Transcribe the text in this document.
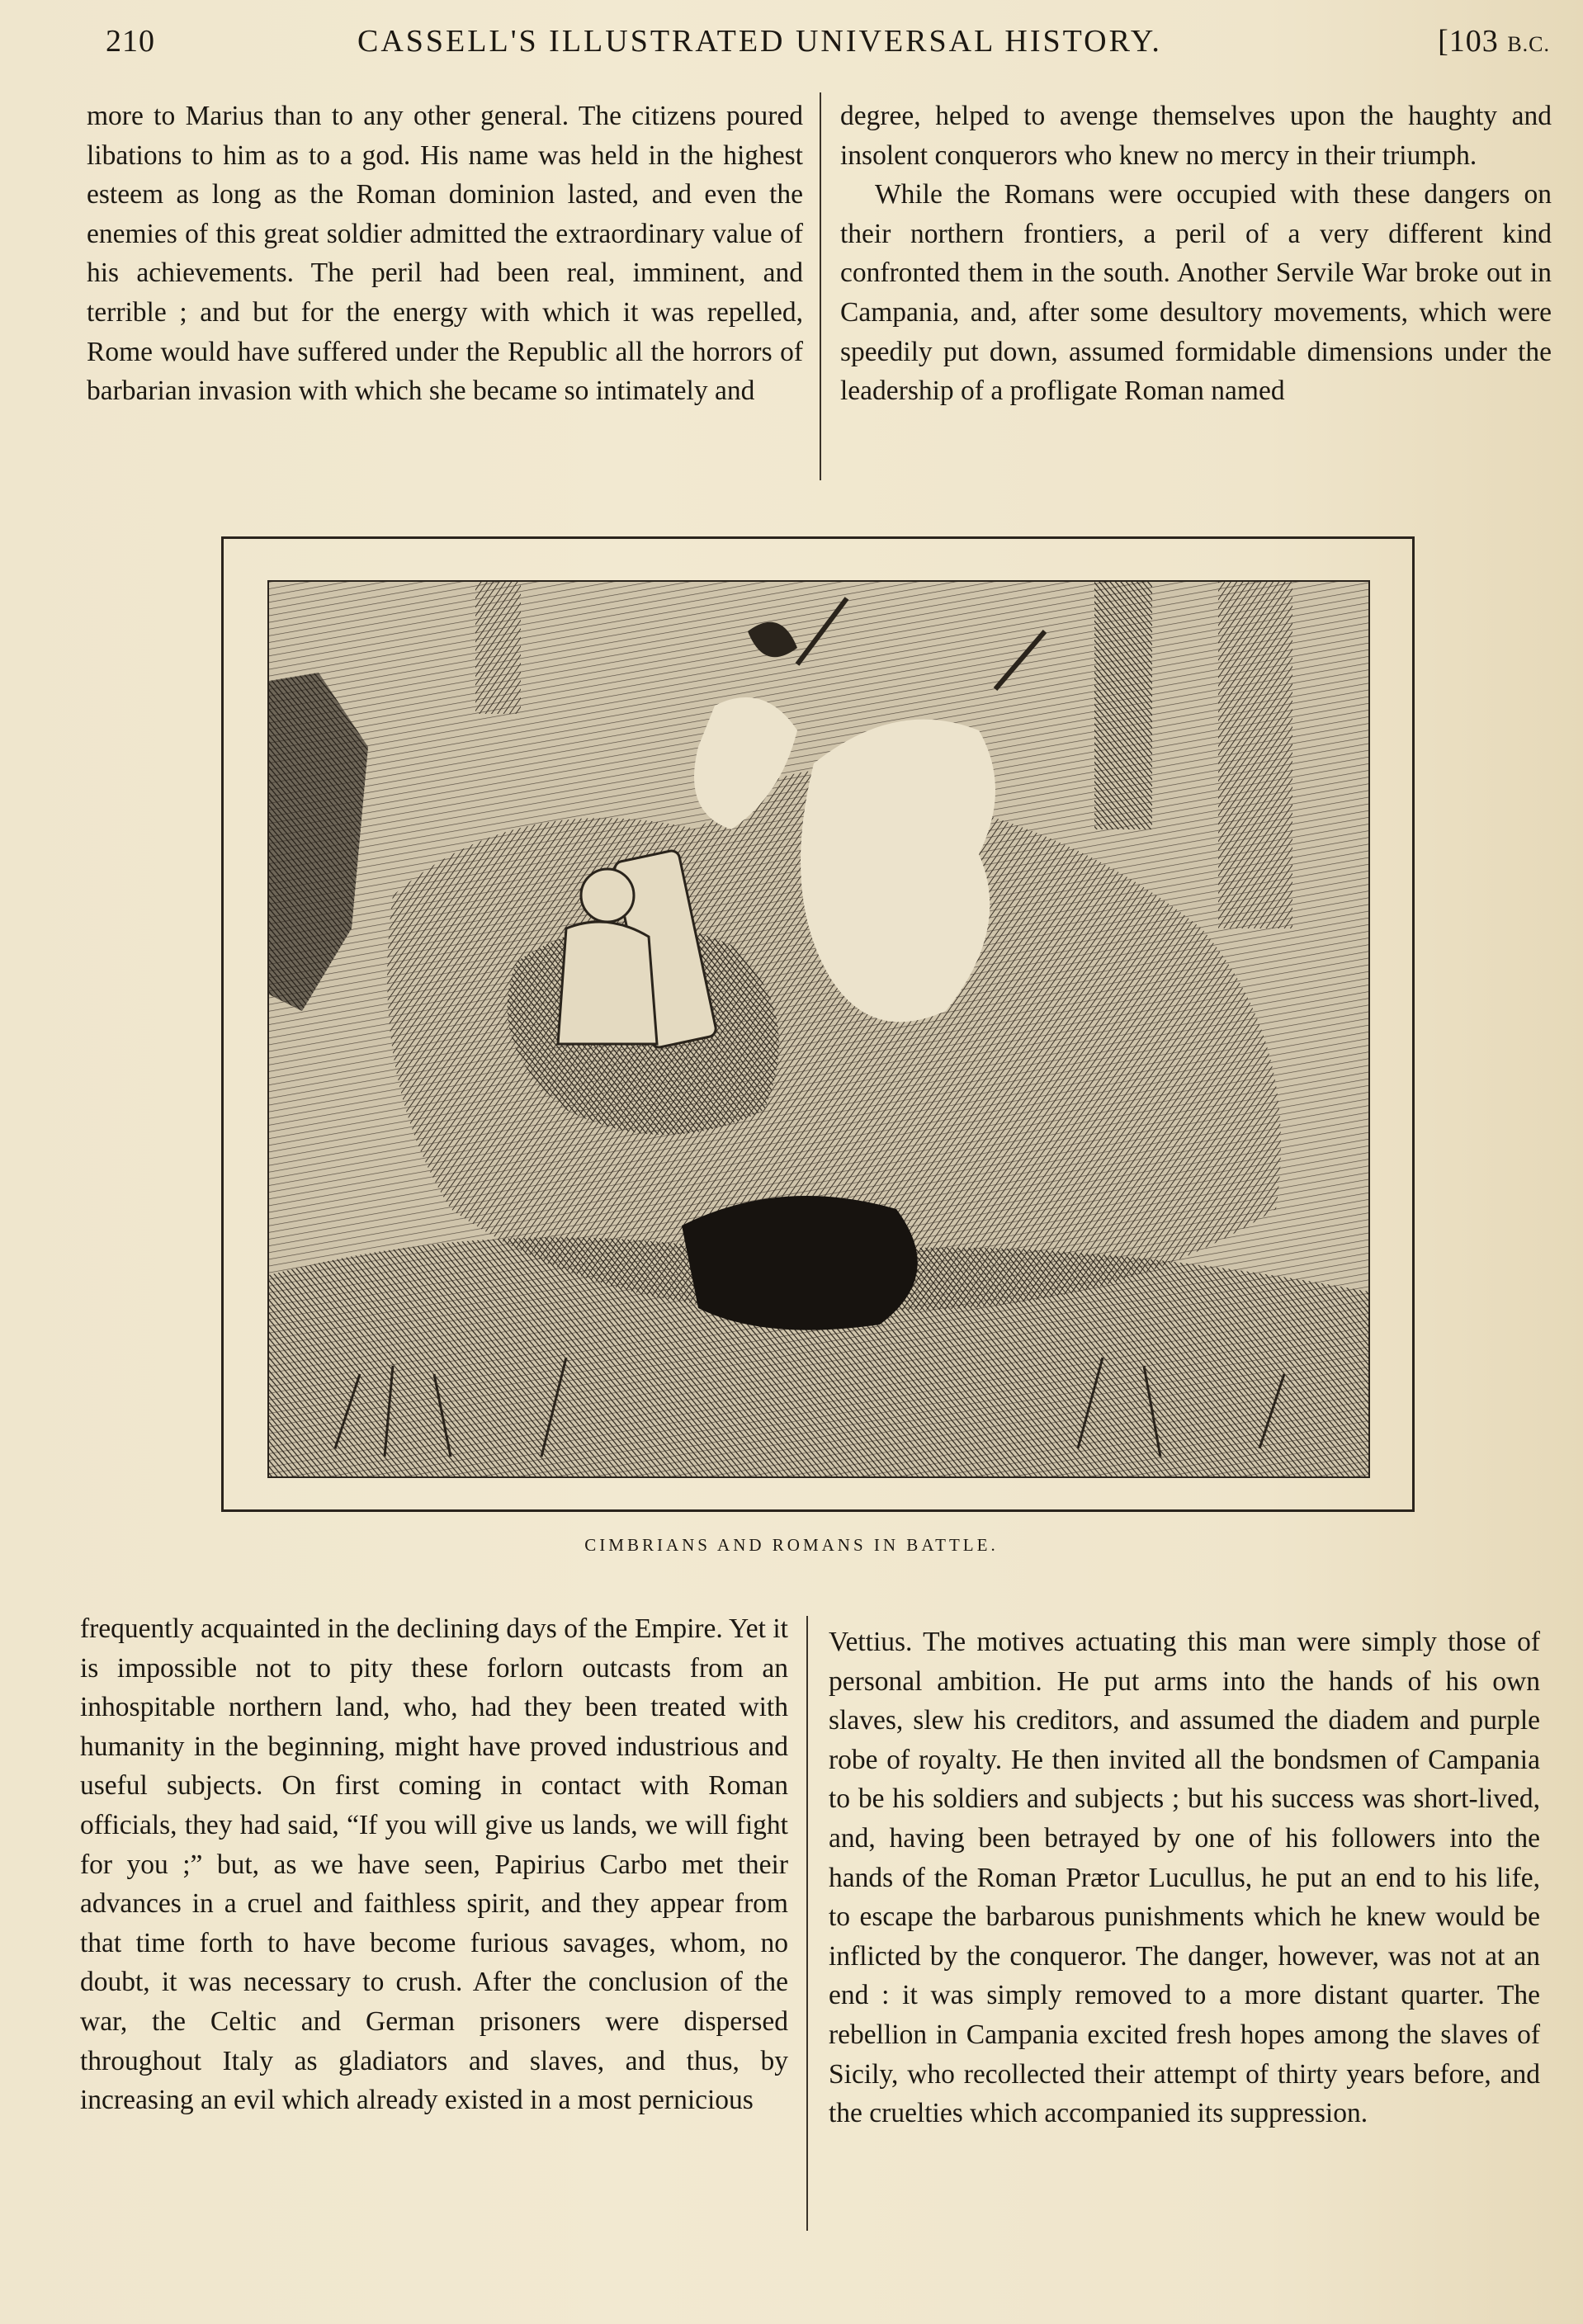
210	CASSELL'S ILLUSTRATED UNIVERSAL HISTORY.	[103 B.C.

more to Marius than to any other general. The citizens poured libations to him as to a god. His name was held in the highest esteem as long as the Roman dominion lasted, and even the enemies of this great soldier admitted the extraordinary value of his achievements. The peril had been real, imminent, and terrible ; and but for the energy with which it was repelled, Rome would have suffered under the Republic all the horrors of barbarian invasion with which she became so intimately and

degree, helped to avenge themselves upon the haughty and insolent conquerors who knew no mercy in their triumph.

While the Romans were occupied with these dangers on their northern frontiers, a peril of a very different kind confronted them in the south. Another Servile War broke out in Campania, and, after some desultory movements, which were speedily put down, assumed formidable dimensions under the leadership of a profligate Roman named

CIMBRIANS AND ROMANS IN BATTLE.

frequently acquainted in the declining days of the Empire. Yet it is impossible not to pity these forlorn outcasts from an inhospitable northern land, who, had they been treated with humanity in the beginning, might have proved industrious and useful subjects. On first coming in contact with Roman officials, they had said, “If you will give us lands, we will fight for you ;” but, as we have seen, Papirius Carbo met their advances in a cruel and faithless spirit, and they appear from that time forth to have become furious savages, whom, no doubt, it was necessary to crush. After the conclusion of the war, the Celtic and German prisoners were dispersed throughout Italy as gladiators and slaves, and thus, by increasing an evil which already existed in a most pernicious

Vettius. The motives actuating this man were simply those of personal ambition. He put arms into the hands of his own slaves, slew his creditors, and assumed the diadem and purple robe of royalty. He then invited all the bondsmen of Campania to be his soldiers and subjects ; but his success was short-lived, and, having been betrayed by one of his followers into the hands of the Roman Prætor Lucullus, he put an end to his life, to escape the barbarous punishments which he knew would be inflicted by the conqueror. The danger, however, was not at an end : it was simply removed to a more distant quarter. The rebellion in Campania excited fresh hopes among the slaves of Sicily, who recollected their attempt of thirty years before, and the cruelties which accompanied its suppression.
